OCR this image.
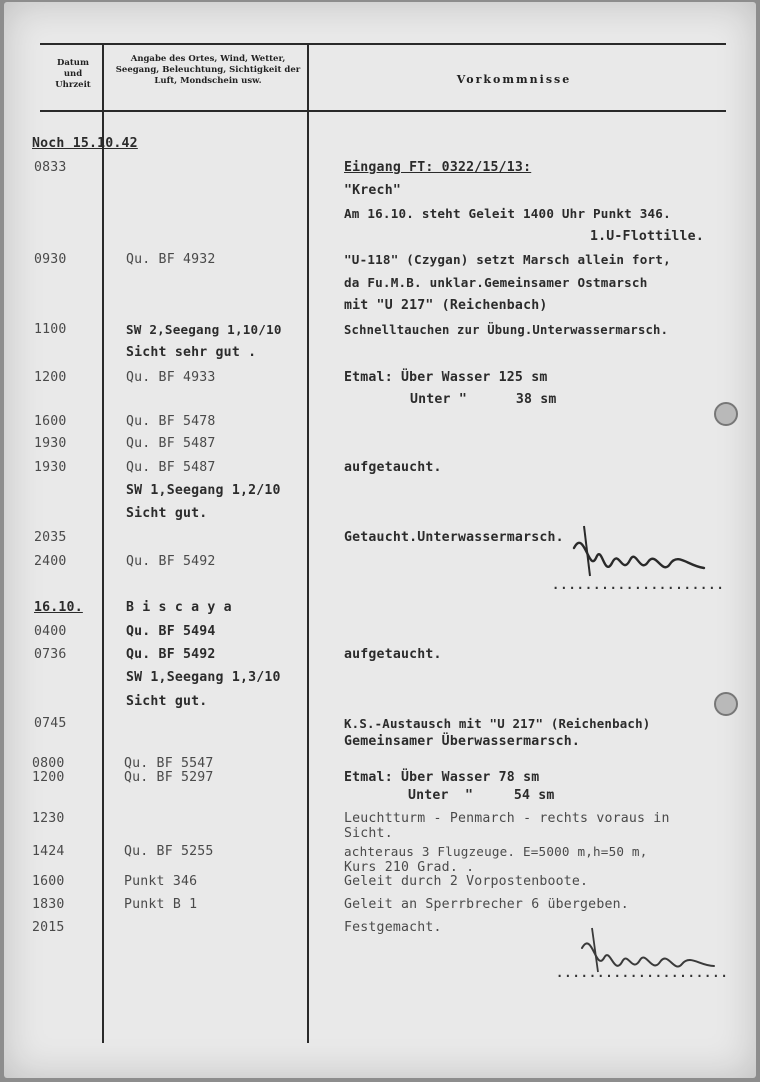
Datum und Uhrzeit
Angabe des Ortes, Wind, Wetter, Seegang, Beleuchtung, Sichtigkeit der Luft, Mondschein usw.	Vorkommnisse
Noch 15.10.42
0833
0930
1100
1200
1600
1930
1930
2035
2400
16.10.
0400
0736
0745
0800
1200
1230
1424
1600
1830
2015
Qu. BF 4932
SW 2,Seegang 1,10/10
Sicht sehr gut .
Qu. BF 4933
Qu. BF 5478
Qu. BF 5487
Qu. BF 5487
SW 1,Seegang 1,2/10
Sicht gut.
Qu. BF 5492
B i s c a y a
Qu. BF 5494
Qu. BF 5492
SW 1,Seegang 1,3/10
Sicht gut.
Qu. BF 5547
Qu. BF 5297
Qu. BF 5255
Punkt 346
Punkt B 1
Eingang FT: 0322/15/13:
"Krech"
Am 16.10. steht Geleit 1400 Uhr Punkt 346.
1.U-Flottille.
"U-118" (Czygan) setzt Marsch allein fort,
da Fu.M.B. unklar.Gemeinsamer Ostmarsch
mit "U 217" (Reichenbach)
Schnelltauchen zur Übung.Unterwassermarsch.
Etmal: Über Wasser 125 sm
Unter "      38 sm
aufgetaucht.
Getaucht.Unterwassermarsch.
aufgetaucht.
K.S.-Austausch mit "U 217" (Reichenbach)
Gemeinsamer Überwassermarsch.
Etmal: Über Wasser 78 sm
Unter  "     54 sm
Leuchtturm - Penmarch - rechts voraus in
Sicht.
achteraus 3 Flugzeuge. E=5000 m,h=50 m,
Kurs 210 Grad. .
Geleit durch 2 Vorpostenboote.
Geleit an Sperrbrecher 6 übergeben.
Festgemacht.
.....................
.....................
